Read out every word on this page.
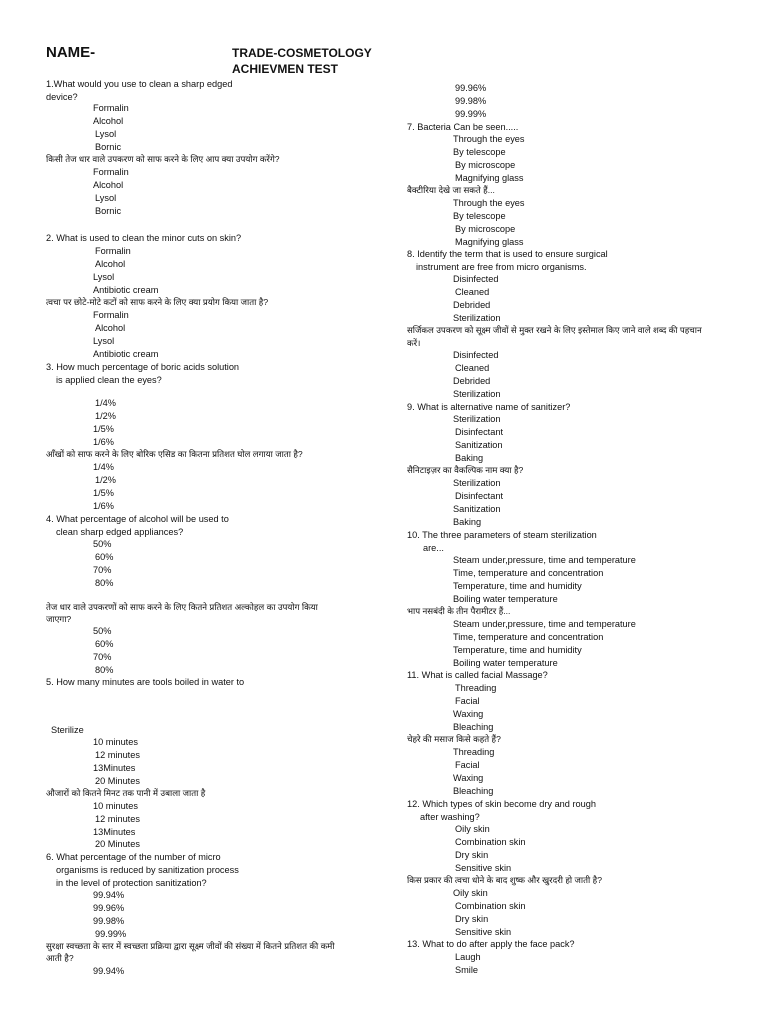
NAME-	TRADE-COSMETOLOGY
ACHIEVMEN TEST
1.What would you use to clean a sharp edged
device?
Formalin
Alcohol
Lysol
Bornic
किसी तेज धार वाले उपकरण को साफ करने के लिए आप क्या उपयोग करेंगे?
Formalin
Alcohol
Lysol
Bornic
2. What is used to clean the minor cuts on skin?
Formalin
Alcohol
Lysol
Antibiotic cream
त्वचा पर छोटे-मोटे कटों को साफ करने के लिए क्या प्रयोग किया जाता है?
Formalin
Alcohol
Lysol
Antibiotic cream
3. How much percentage of boric acids solution
is applied clean the eyes?
1/4%
1/2%
1/5%
1/6%
आँखों को साफ करने के लिए बोरिक एसिड का कितना प्रतिशत घोल लगाया जाता है?
1/4%
1/2%
1/5%
1/6%
4. What percentage of alcohol will be used to
clean sharp edged appliances?
50%
60%
70%
80%
तेज धार वाले उपकरणों को साफ करने के लिए कितने प्रतिशत अल्कोहल का उपयोग किया
जाएगा?
50%
60%
70%
80%
5. How many minutes are tools boiled in water to
Sterilize
10 minutes
12 minutes
13Minutes
20 Minutes
औजारों को कितने मिनट तक पानी में उबाला जाता है
10 minutes
12 minutes
13Minutes
20 Minutes
6. What percentage of the number of micro
organisms is reduced by sanitization process
in the level of protection sanitization?
99.94%
99.96%
99.98%
99.99%
सुरक्षा स्वच्छता के स्तर में स्वच्छता प्रक्रिया द्वारा सूक्ष्म जीवों की संख्या में कितने प्रतिशत की कमी
आती है?
99.94%
99.96%
99.98%
99.99%
7. Bacteria Can be seen.....
Through the eyes
By telescope
By microscope
Magnifying glass
बैक्टीरिया देखे जा सकते हैं...
Through the eyes
By telescope
By microscope
Magnifying glass
8. Identify the term that is used to ensure surgical
instrument are free from micro organisms.
Disinfected
Cleaned
Debrided
Sterilization
सर्जिकल उपकरण को सूक्ष्म जीवों से मुक्त रखने के लिए इस्तेमाल किए जाने वाले शब्द की पहचान
करें।
Disinfected
Cleaned
Debrided
Sterilization
9. What is alternative name of sanitizer?
Sterilization
Disinfectant
Sanitization
Baking
सैनिटाइज़र का वैकल्पिक नाम क्या है?
Sterilization
Disinfectant
Sanitization
Baking
10. The three parameters of steam sterilization
are...
Steam under,pressure, time and temperature
Time, temperature and concentration
Temperature, time and humidity
Boiling water temperature
भाप नसबंदी के तीन पैरामीटर हैं...
Steam under,pressure, time and temperature
Time, temperature and concentration
Temperature, time and humidity
Boiling water temperature
11. What is called facial Massage?
Threading
Facial
Waxing
Bleaching
चेहरे की मसाज किसे कहते हैं?
Threading
Facial
Waxing
Bleaching
12. Which types of skin become dry and rough
after washing?
Oily skin
Combination skin
Dry skin
Sensitive skin
किस प्रकार की त्वचा धोने के बाद शुष्क और खुरदरी हो जाती है?
Oily skin
Combination skin
Dry skin
Sensitive skin
13. What to do after apply the face pack?
Laugh
Smile
